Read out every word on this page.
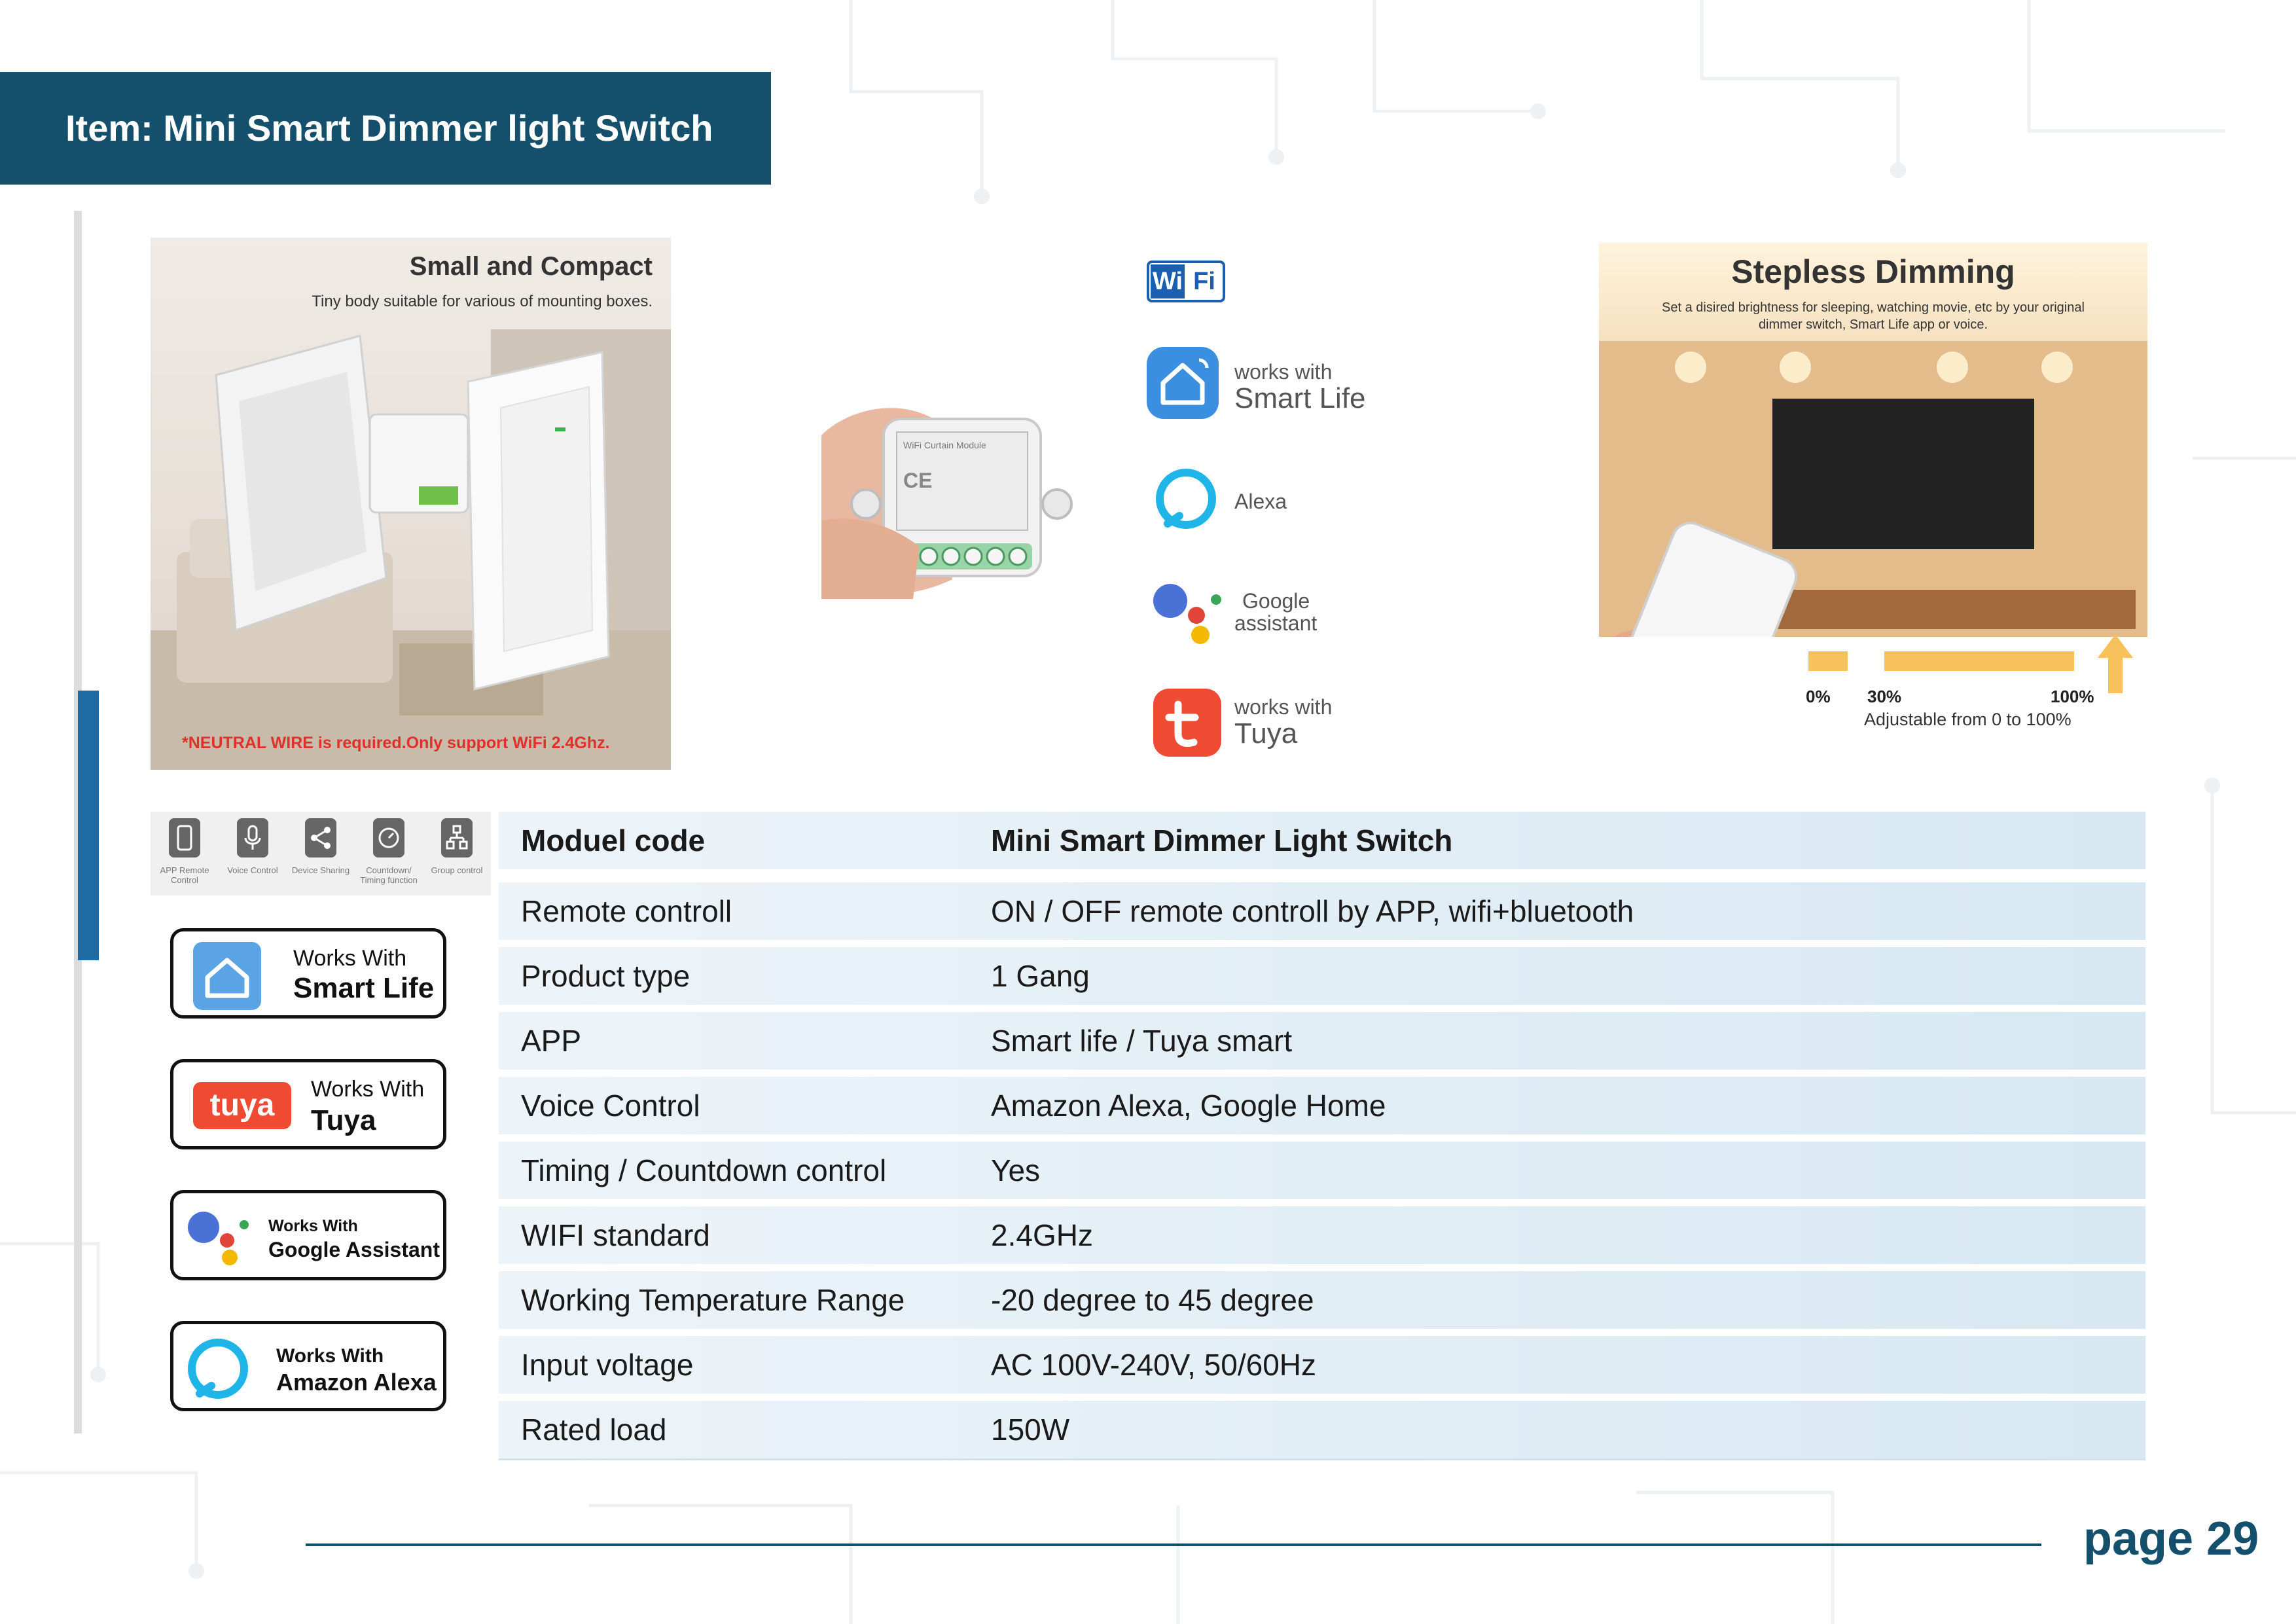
Item: Mini Smart Dimmer light Switch
Small and Compact
Tiny body suitable for various of mounting boxes.
*NEUTRAL WIRE is required.Only support WiFi 2.4Ghz.
WiFi Curtain Module
CE
Wi Fi
works with
Smart Life
Alexa
Google
assistant
works with
Tuya
Stepless Dimming
Set a disired brightness for sleeping, watching movie, etc by your original dimmer switch, Smart Life app or voice.
0% 30%	100%
Adjustable from 0 to 100%
APP Remote Control
Voice Control	Device Sharing	Countdown/ Timing function
Group control
Works With
Smart Life
tuya	Works With
Tuya
Works With
Google Assistant
Works With
Amazon Alexa
Moduel code	Mini Smart Dimmer Light Switch
Remote controll	ON / OFF remote controll by APP, wifi+bluetooth
Product type	1 Gang
APP	Smart life / Tuya smart
Voice Control	Amazon Alexa, Google Home
Timing / Countdown control	Yes
WIFI standard	2.4GHz
Working Temperature Range	-20 degree to 45 degree
Input voltage	AC 100V-240V, 50/60Hz
Rated load	150W
page 29
